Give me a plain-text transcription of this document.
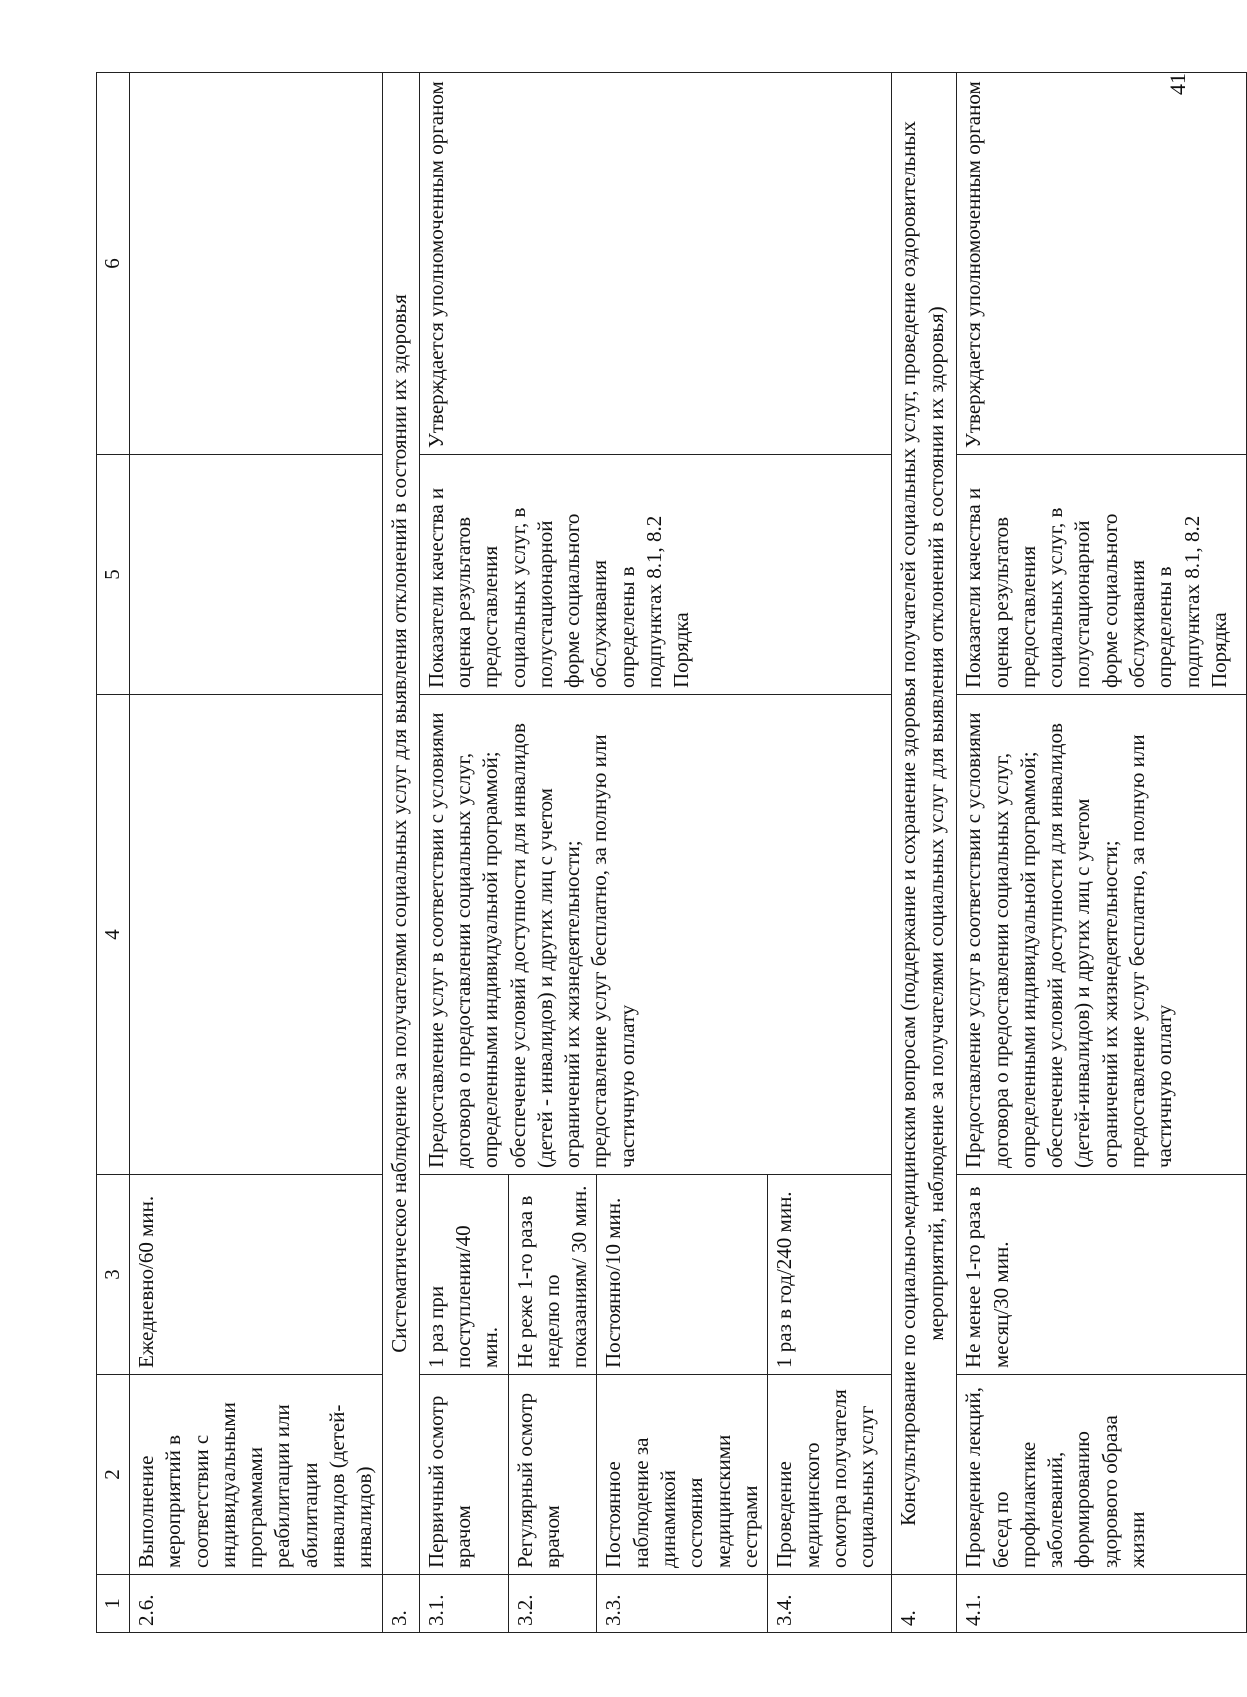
41
1	2	3	4	5	6
2.6.	Выполнение мероприятий в соответствии с индивидуальными программами реабилитации или абилитации инвалидов (детей-инвалидов)	Ежедневно/60 мин.			
3.	Систематическое наблюдение за получателями социальных услуг для выявления отклонений в состоянии их здоровья				
3.1.	Первичный осмотр врачом	1 раз при поступлении/40 мин.	Предоставление услуг в соответствии с условиями договора о предоставлении социальных услуг, определенными индивидуальной программой; обеспечение условий доступности для инвалидов (детей - инвалидов) и других лиц с учетом ограничений их жизнедеятельности; предоставление услуг бесплатно, за полную или частичную оплату	Показатели качества и оценка результатов предоставления социальных услуг, в полустационарной форме социального обслуживания определены в подпунктах 8.1, 8.2 Порядка	Утверждается уполномоченным органом
3.2.	Регулярный осмотр врачом	Не реже 1-го раза в неделю по показаниям/ 30 мин.			
3.3.	Постоянное наблюдение за динамикой состояния медицинскими сестрами	Постоянно/10 мин.			
3.4.	Проведение медицинского осмотра получателя социальных услуг	1 раз в год/240 мин.			
4.	Консультирование по социально-медицинским вопросам (поддержание и сохранение здоровья получателей социальных услуг, проведение оздоровительных мероприятий, наблюдение за получателями социальных услуг для выявления отклонений в состоянии их здоровья)				
4.1.	Проведение лекций, бесед по профилактике заболеваний, формированию здорового образа жизни	Не менее 1-го раза в месяц/30 мин.	Предоставление услуг в соответствии с условиями договора о предоставлении социальных услуг, определенными индивидуальной программой; обеспечение условий доступности для инвалидов (детей-инвалидов) и других лиц с учетом ограничений их жизнедеятельности; предоставление услуг бесплатно, за полную или частичную оплату	Показатели качества и оценка результатов предоставления социальных услуг, в полустационарной форме социального обслуживания определены в подпунктах 8.1, 8.2 Порядка	Утверждается уполномоченным органом
